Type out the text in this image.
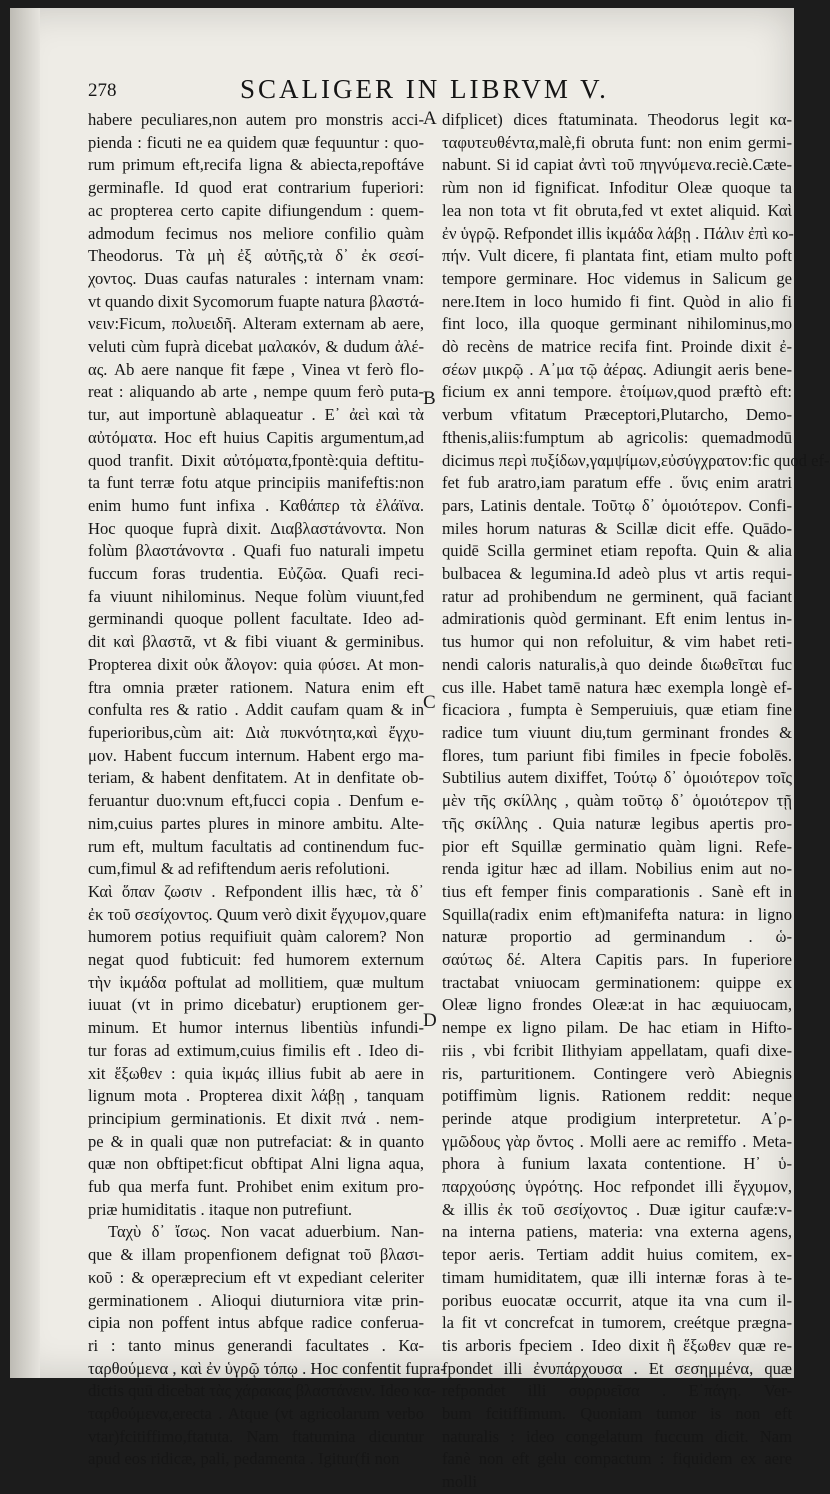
278	SCALIGER IN LIBRVM V.
habere peculiares,non autem pro monstris acci-
pienda : ficuti ne ea quidem quæ fequuntur : quo-
rum primum eft,recifa ligna & abiecta,repoftáve
germinafle. Id quod erat contrarium fuperiori:
ac propterea certo capite difiungendum : quem-
admodum fecimus nos meliore confilio quàm
Theodorus. Τὰ μὴ ἐξ αὐτῆς,τὰ δ᾽ ἐκ σεσί-
χοντος. Duas caufas naturales : internam vnam:
vt quando dixit Sycomorum fuapte natura βλαστά-
νειν:Ficum, πολυειδῆ. Alteram externam ab aere,
veluti cùm fuprà dicebat μαλακόν, & dudum ἀλέ-
ας. Ab aere nanque fit fæpe , Vinea vt ferò flo-
reat : aliquando ab arte , nempe quum ferò puta-
tur, aut importunè ablaqueatur . Ε᾽ ἀεὶ καὶ τὰ
αὐτόματα. Hoc eft huius Capitis argumentum,ad
quod tranfit. Dixit αὐτόματα,fpontè:quia deftitu-
ta funt terræ fotu atque principiis manifeftis:non
enim humo funt infixa . Καθάπερ τὰ ἐλάϊνα.
Hoc quoque fuprà dixit. Διαβλαστάνοντα. Non
folùm βλαστάνοντα . Quafi fuo naturali impetu
fuccum foras trudentia. Εὐζῶα. Quafi reci-
fa viuunt nihilominus. Neque folùm viuunt,fed
germinandi quoque pollent facultate. Ideo ad-
dit καὶ βλαστᾶ, vt & fibi viuant & germinibus.
Propterea dixit οὐκ ἄλογον: quia φύσει. At mon-
ftra omnia præter rationem. Natura enim eft
confulta res & ratio . Addit caufam quam & in
fuperioribus,cùm ait: Διὰ πυκνότητα,καὶ ἔγχυ-
μον. Habent fuccum internum. Habent ergo ma-
teriam, & habent denfitatem. At in denfitate ob-
feruantur duo:vnum eft,fucci copia . Denfum e-
nim,cuius partes plures in minore ambitu. Alte-
rum eft, multum facultatis ad continendum fuc-
cum,fimul & ad refiftendum aeris refolutioni.
Καὶ ὅπαν ζωσιν . Refpondent illis hæc, τὰ δ᾽
ἐκ τοῦ σεσίχοντος. Quum verò dixit ἔγχυμον,quare
humorem potius requifiuit quàm calorem? Non
negat quod fubticuit: fed humorem externum
τὴν ἰκμάδα poftulat ad mollitiem, quæ multum
iuuat (vt in primo dicebatur) eruptionem ger-
minum. Et humor internus libentiùs infundi-
tur foras ad extimum,cuius fimilis eft . Ideo di-
xit ἕξωθεν : quia ἰκμάς illius fubit ab aere in
lignum mota . Propterea dixit λάβῃ , tanquam
principium germinationis. Et dixit πνά . nem-
pe & in quali quæ non putrefaciat: & in quanto
quæ non obftipet:ficut obftipat Alni ligna aqua,
fub qua merfa funt. Prohibet enim exitum pro-
priæ humiditatis . itaque non putrefiunt.
Ταχὺ δ᾽ ἴσως. Non vacat aduerbium. Nan-
que & illam propenfionem defignat τοῦ βλασι-
κοῦ : & operæprecium eft vt expediant celeriter
germinationem . Alioqui diuturniora vitæ prin-
cipia non poffent intus abfque radice conferua-
ri : tanto minus generandi facultates . Κα-
ταρθούμενα , καὶ ἐν ὑγρῷ τόπῳ . Hoc confentit fupra-
dictis quū dicebat τὰς χάρακας βλαστάνειν. Ideo κα-
ταρθούμενα,erecta . Atque (vt agricolarum verbo
vtar)fcitiffimo,ftatuta. Nam ftatumina dicuntur
apud eos ridicæ, pali, pedamenta . Igitur(fi non
difplicet) dices ftatuminata. Theodorus legit κα-
ταφυτευθέντα,malè,fi obruta funt: non enim germi-
nabunt. Si id capiat ἀντὶ τοῦ πηγνύμενα.reciè.Cæte-
rùm non id fignificat. Infoditur Oleæ quoque ta
lea non tota vt fit obruta,fed vt extet aliquid. Καὶ
ἐν ὑγρῷ. Refpondet illis ἰκμάδα λάβῃ . Πάλιν ἐπὶ κο-
πήν. Vult dicere, fi plantata fint, etiam multo poft
tempore germinare. Hoc videmus in Salicum ge
nere.Item in loco humido fi fint. Quòd in alio fi
fint loco, illa quoque germinant nihilominus,mo
dò recèns de matrice recifa fint. Proinde dixit ἐ-
σέων μικρῷ . Α᾽μα τῷ ἀέρας. Adiungit aeris bene-
ficium ex anni tempore. ἑτοίμων,quod præftò eft:
verbum vfitatum Præceptori,Plutarcho, Demo-
fthenis,aliis:fumptum ab agricolis: quemadmodū
dicimus περὶ πυξίδων,γαμψίμων,εὐσύγχρατον:fic quod ef-
fet fub aratro,iam paratum effe . ὕνις enim aratri
pars, Latinis dentale. Τοῦτῳ δ᾽ ὁμοιότερον. Confi-
miles horum naturas & Scillæ dicit effe. Quādo-
quidē Scilla germinet etiam repofta. Quin & alia
bulbacea & legumina.Id adeò plus vt artis requi-
ratur ad prohibendum ne germinent, quā faciant
admirationis quòd germinant. Eft enim lentus in-
tus humor qui non refoluitur, & vim habet reti-
nendi caloris naturalis,à quo deinde διωθεῖται fuc
cus ille. Habet tamē natura hæc exempla longè ef-
ficaciora , fumpta è Semperuiuis, quæ etiam fine
radice tum viuunt diu,tum germinant frondes &
flores, tum pariunt fibi fimiles in fpecie fobolēs.
Subtilius autem dixiffet, Τούτῳ δ᾽ ὁμοιότερον τοῖς
μὲν τῆς σκίλλης , quàm τοῦτῳ δ᾽ ὁμοιότερον τῇ
τῆς σκίλλης . Quia naturæ legibus apertis pro-
pior eft Squillæ germinatio quàm ligni. Refe-
renda igitur hæc ad illam. Nobilius enim aut no-
tius eft femper finis comparationis . Sanè eft in
Squilla(radix enim eft)manifefta natura: in ligno
naturæ proportio ad germinandum . ὡ-
σαύτως δέ. Altera Capitis pars. In fuperiore
tractabat vniuocam germinationem: quippe ex
Oleæ ligno frondes Oleæ:at in hac æquiuocam,
nempe ex ligno pilam. De hac etiam in Hifto-
riis , vbi fcribit Ilithyiam appellatam, quafi dixe-
ris, parturitionem. Contingere verò Abiegnis
potiffimùm lignis. Rationem reddit: neque
perinde atque prodigium interpretetur. Α᾽ρ-
γμῶδους γὰρ ὄντος . Molli aere ac remiffo . Meta-
phora à funium laxata contentione. Η᾽ ὑ-
παρχούσης ὑγρότης. Hoc refpondet illi ἔγχυμον,
& illis ἐκ τοῦ σεσίχοντος . Duæ igitur caufæ:v-
na interna patiens, materia: vna externa agens,
tepor aeris. Tertiam addit huius comitem, ex-
timam humiditatem, quæ illi internæ foras à te-
poribus euocatæ occurrit, atque ita vna cum il-
la fit vt concrefcat in tumorem, creétque prægna-
tis arboris fpeciem . Ideo dixit ἢ ἕξωθεν quæ re-
fpondet illi ἐνυπάρχουσα . Et σεσημμένα, quæ
refpondet illi συρρυεῖσα . Ε᾽πάγη. Ver-
bum fcitiffimum. Quoniam tumor is non eft
naturalis : ideo congelatum fuccum dicit. Nam
fanè non eft gelu compactum : fiquidem ex aere
molli
A
B
C
D
